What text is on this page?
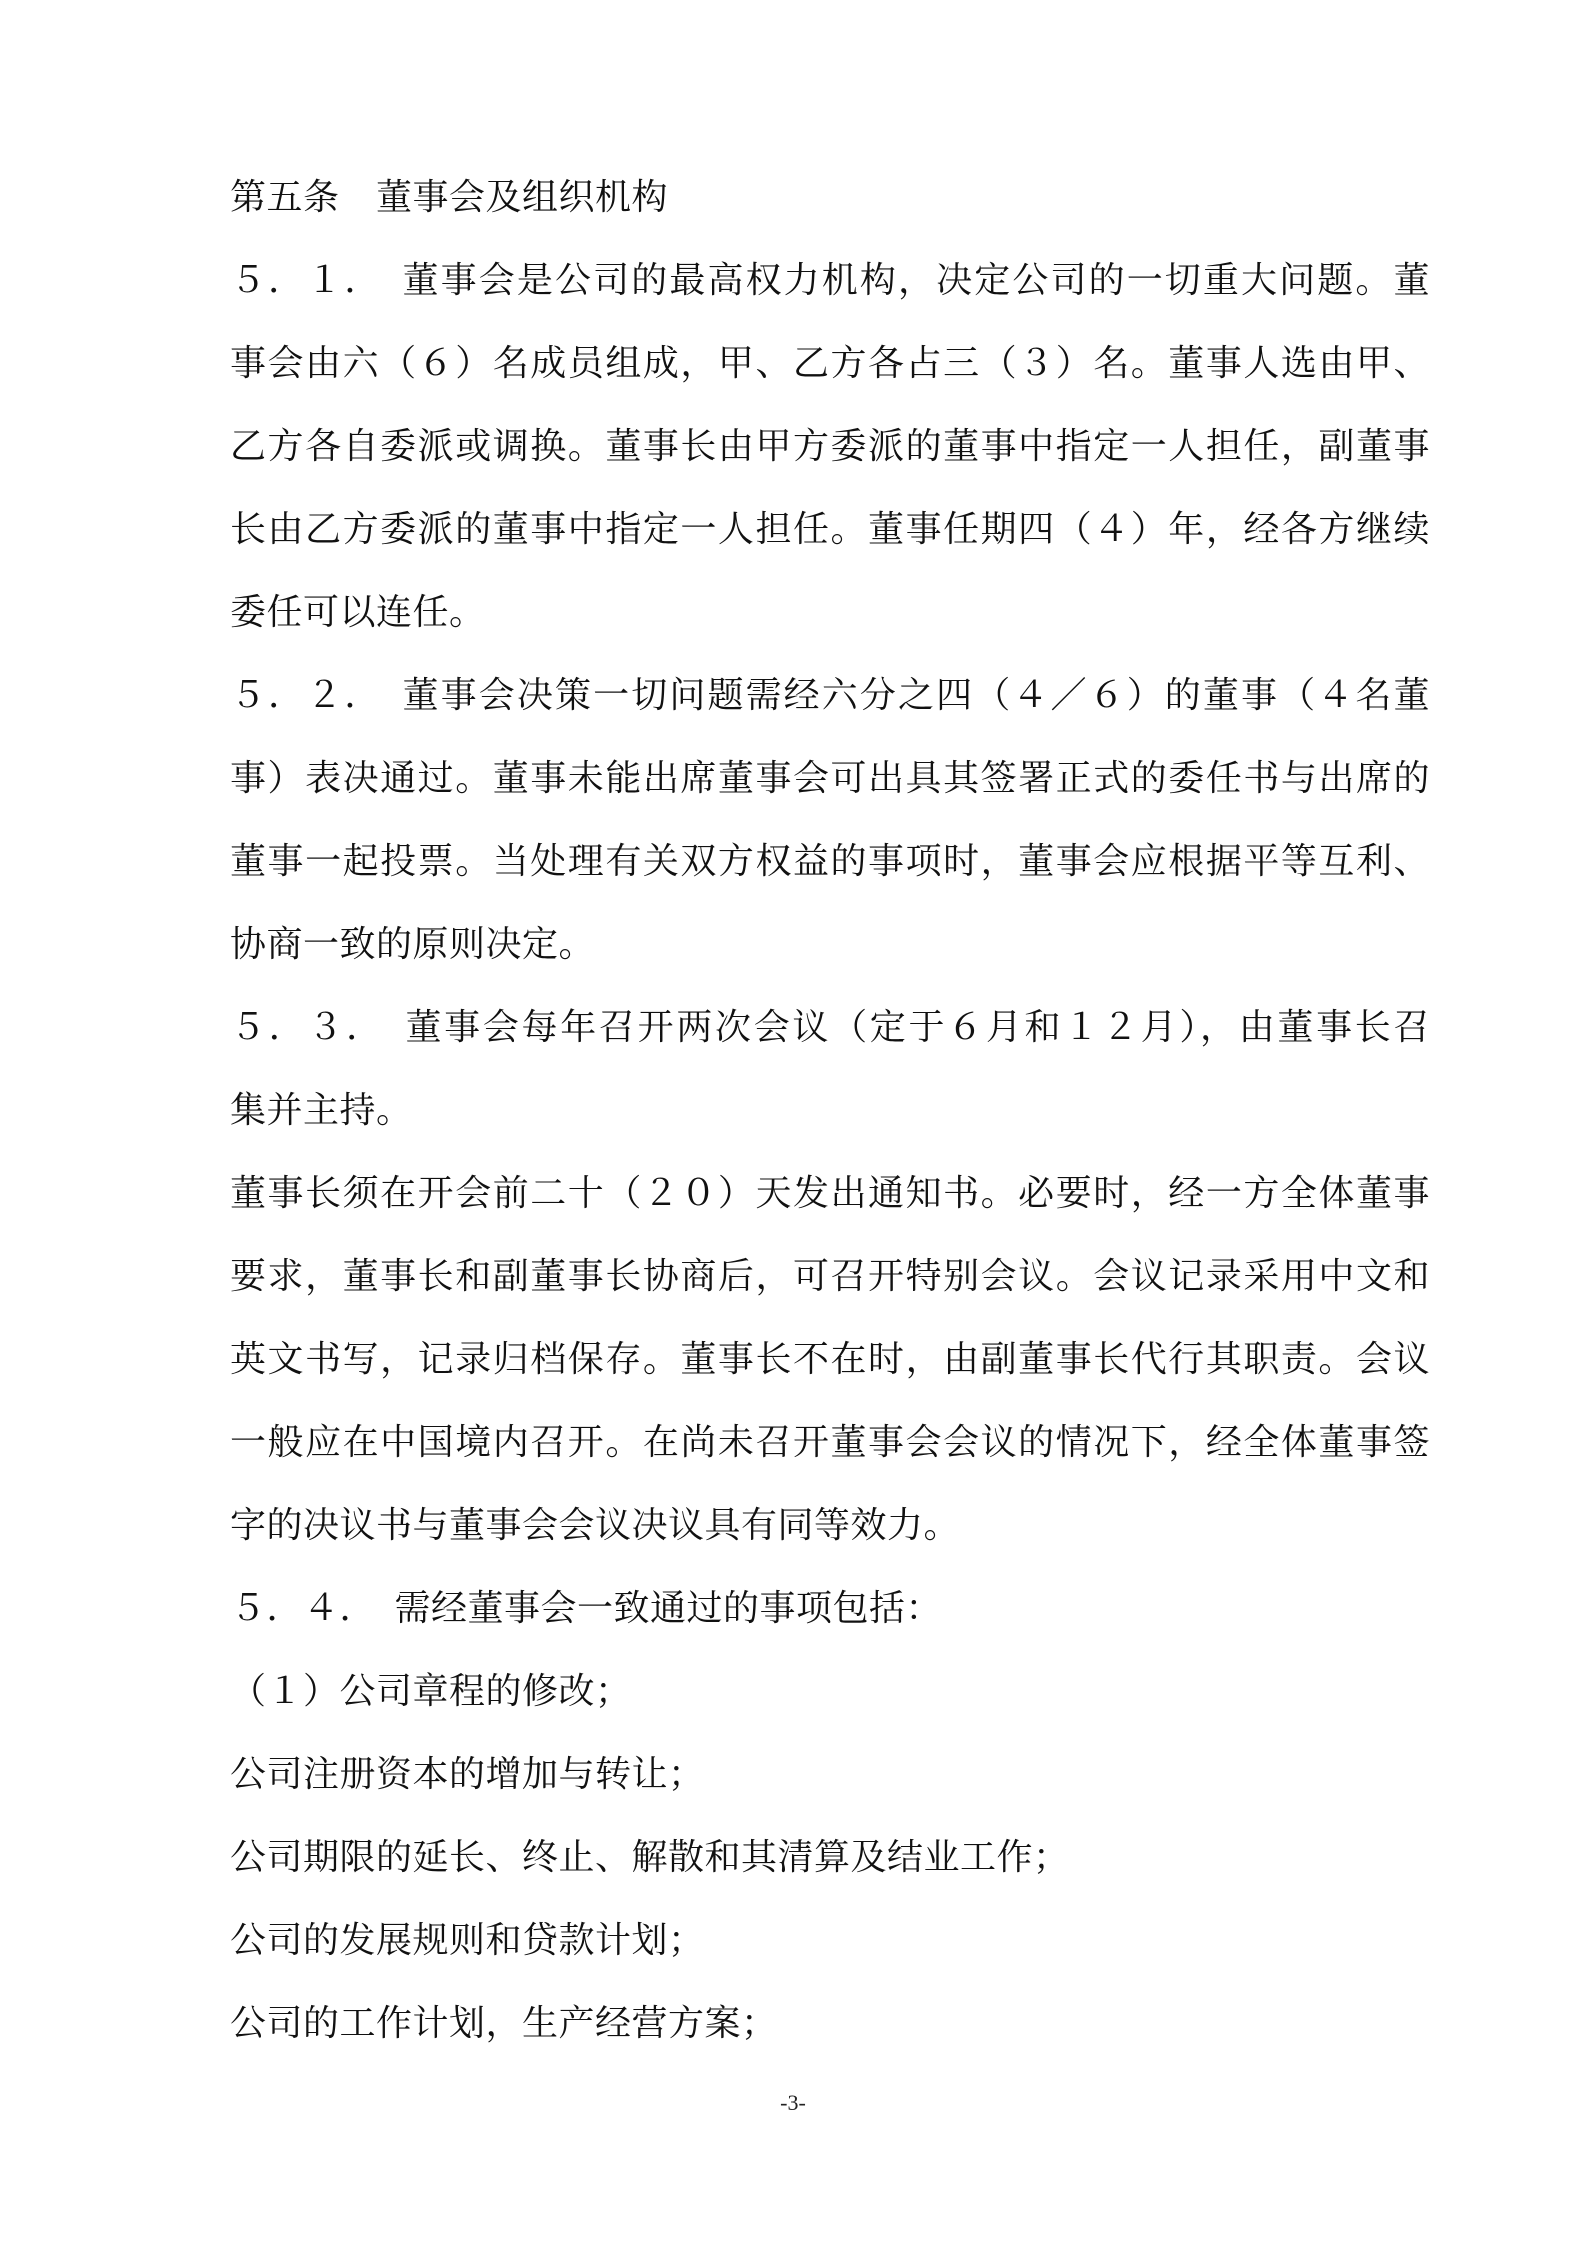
第五条　董事会及组织机构
５．１．　董事会是公司的最高权力机构，决定公司的一切重大问题。董
事会由六（６）名成员组成，甲、乙方各占三（３）名。董事人选由甲、
乙方各自委派或调换。董事长由甲方委派的董事中指定一人担任，副董事
长由乙方委派的董事中指定一人担任。董事任期四（４）年，经各方继续
委任可以连任。
５．２．　董事会决策一切问题需经六分之四（４／６）的董事（４名董
事）表决通过。董事未能出席董事会可出具其签署正式的委任书与出席的
董事一起投票。当处理有关双方权益的事项时，董事会应根据平等互利、
协商一致的原则决定。
５．３．　董事会每年召开两次会议（定于６月和１２月），由董事长召
集并主持。
董事长须在开会前二十（２０）天发出通知书。必要时，经一方全体董事
要求，董事长和副董事长协商后，可召开特别会议。会议记录采用中文和
英文书写，记录归档保存。董事长不在时，由副董事长代行其职责。会议
一般应在中国境内召开。在尚未召开董事会会议的情况下，经全体董事签
字的决议书与董事会会议决议具有同等效力。
５．４．　需经董事会一致通过的事项包括：
（１）公司章程的修改；
公司注册资本的增加与转让；
公司期限的延长、终止、解散和其清算及结业工作；
公司的发展规则和贷款计划；
公司的工作计划，生产经营方案；
-3-
